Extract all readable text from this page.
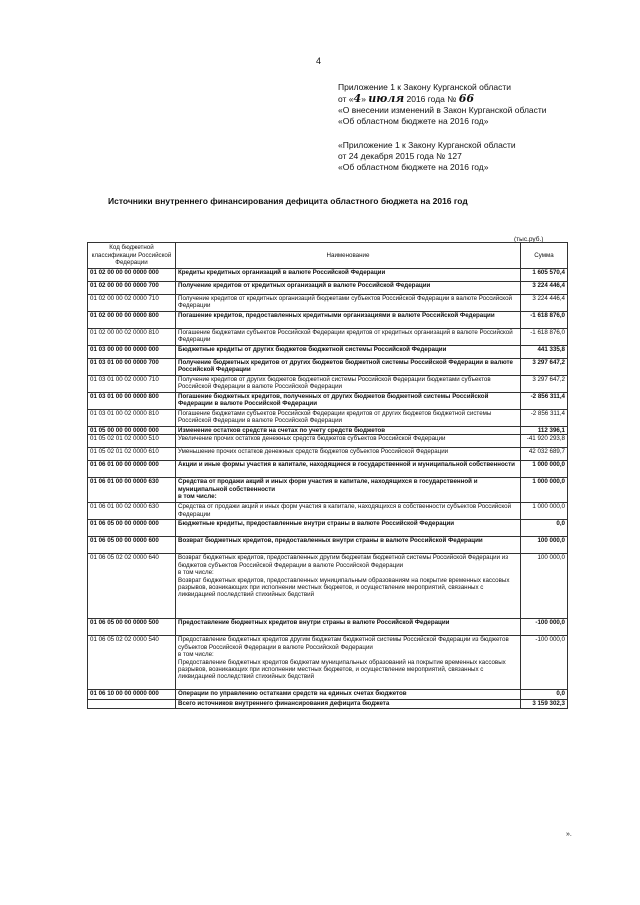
4
Приложение 1 к Закону Курганской области
от «4» июля 2016 года № 66
«О внесении изменений в Закон Курганской области
«Об областном бюджете на 2016 год»
«Приложение 1 к Закону Курганской области
от 24 декабря 2015 года № 127
«Об областном бюджете на 2016 год»
Источники внутреннего финансирования дефицита областного бюджета на 2016 год
(тыс.руб.)
Код бюджетной классификации Российской Федерации	Наименование	Сумма
01 02 00 00 00 0000 000	Кредиты кредитных организаций в валюте Российской Федерации	1 605 570,4
01 02 00 00 00 0000 700	Получение кредитов от кредитных организаций в валюте Российской Федерации	3 224 446,4
01 02 00 00 02 0000 710	Получение кредитов от кредитных организаций бюджетами субъектов Российской Федерации в валюте Российской Федерации	3 224 446,4
01 02 00 00 00 0000 800	Погашение кредитов, предоставленных кредитными организациями в валюте Российской Федерации	-1 618 876,0
01 02 00 00 02 0000 810	Погашение бюджетами субъектов Российской Федерации кредитов от кредитных организаций в валюте Российской Федерации	-1 618 876,0
01 03 00 00 00 0000 000	Бюджетные кредиты от других бюджетов бюджетной системы Российской Федерации	441 335,8
01 03 01 00 00 0000 700	Получение бюджетных кредитов от других бюджетов бюджетной системы Российской Федерации в валюте Российской Федерации	3 297 647,2
01 03 01 00 02 0000 710	Получение кредитов от других бюджетов бюджетной системы Российской Федерации бюджетами субъектов Российской Федерации в валюте Российской Федерации	3 297 647,2
01 03 01 00 00 0000 800	Погашение бюджетных кредитов, полученных от других бюджетов бюджетной системы Российской Федерации в валюте Российской Федерации	-2 856 311,4
01 03 01 00 02 0000 810	Погашение бюджетами субъектов Российской Федерации кредитов от других бюджетов бюджетной системы Российской Федерации в валюте Российской Федерации	-2 856 311,4
01 05 00 00 00 0000 000	Изменение остатков средств на счетах по учету средств бюджетов	112 396,1
01 05 02 01 02 0000 510	Увеличение прочих остатков денежных средств бюджетов субъектов Российской Федерации	-41 920 293,8
01 05 02 01 02 0000 610	Уменьшение прочих остатков денежных средств бюджетов субъектов Российской Федерации	42 032 689,7
01 06 01 00 00 0000 000	Акции и иные формы участия в капитале, находящиеся в государственной и муниципальной собственности	1 000 000,0
01 06 01 00 00 0000 630	Средства от продажи акций и иных форм участия в капитале, находящихся в государственной и муниципальной собственности
в том числе:	1 000 000,0
01 06 01 00 02 0000 630	Средства от продажи акций и иных форм участия в капитале, находящихся в собственности субъектов Российской Федерации	1 000 000,0
01 06 05 00 00 0000 000	Бюджетные кредиты, предоставленные внутри страны в валюте Российской Федерации	0,0
01 06 05 00 00 0000 600	Возврат бюджетных кредитов, предоставленных внутри страны в валюте Российской Федерации	100 000,0
01 06 05 02 02 0000 640	Возврат бюджетных кредитов, предоставленных другим бюджетам бюджетной системы Российской Федерации из бюджетов субъектов Российской Федерации в валюте Российской Федерации
в том числе:
Возврат бюджетных кредитов, предоставленных муниципальным образованиям на покрытие временных кассовых разрывов, возникающих при исполнении местных бюджетов, и осуществление мероприятий, связанных с ликвидацией последствий стихийных бедствий	100 000,0
01 06 05 00 00 0000 500	Предоставление бюджетных кредитов внутри страны в валюте Российской Федерации	-100 000,0
01 06 05 02 02 0000 540	Предоставление бюджетных кредитов другим бюджетам бюджетной системы Российской Федерации из бюджетов субъектов Российской Федерации в валюте Российской Федерации
в том числе:
Предоставление бюджетных кредитов бюджетам муниципальных образований на покрытие временных кассовых разрывов, возникающих при исполнении местных бюджетов, и осуществление мероприятий, связанных с ликвидацией последствий стихийных бедствий	-100 000,0
01 06 10 00 00 0000 000	Операции по управлению остатками средств на единых счетах бюджетов	0,0
	Всего источников внутреннего финансирования дефицита бюджета	3 159 302,3
».
